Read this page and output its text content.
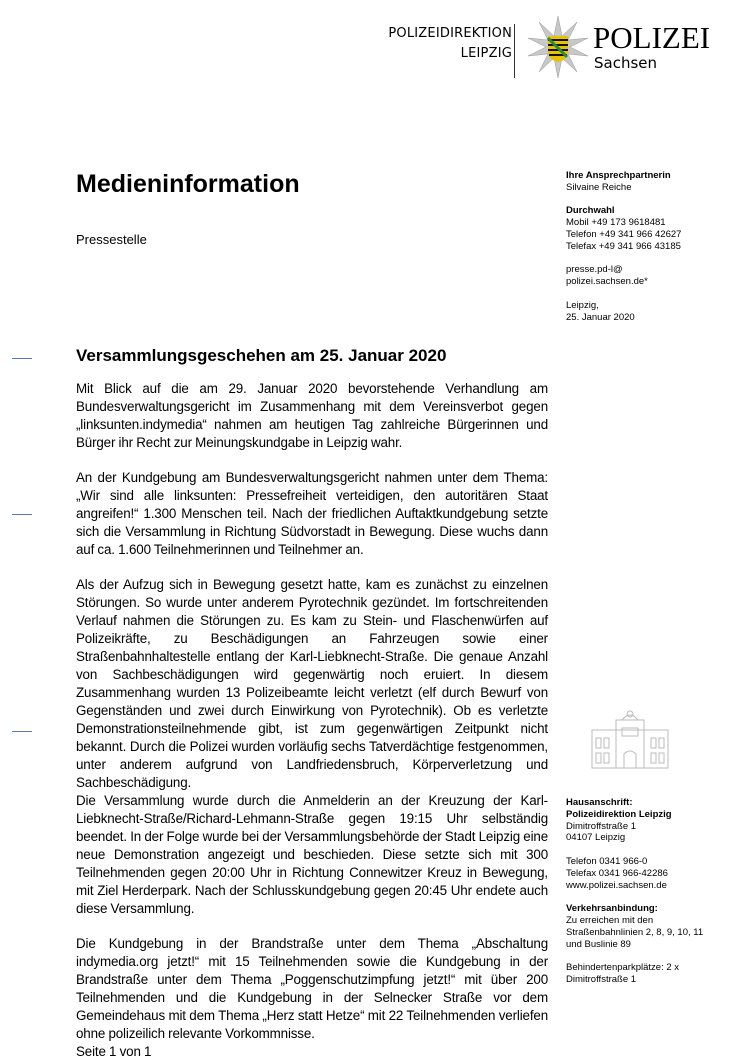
POLIZEIDIREKTION
LEIPZIG	POLIZEI
Sachsen
Medieninformation
Pressestelle
Ihre Ansprechpartnerin
Silvaine Reiche
Durchwahl
Mobil +49 173 9618481
Telefon +49 341 966 42627
Telefax +49 341 966 43185
presse.pd-l@
polizei.sachsen.de*
Leipzig,
25. Januar 2020
Hausanschrift:
Polizeidirektion Leipzig
Dimitroffstraße 1
04107 Leipzig
Telefon 0341 966-0
Telefax 0341 966-42286
www.polizei.sachsen.de
Verkehrsanbindung:
Zu erreichen mit den
Straßenbahnlinien 2, 8, 9, 10, 11
und Buslinie 89
Behindertenparkplätze: 2 x
Dimitroffstraße 1
Versammlungsgeschehen am 25. Januar 2020

Mit Blick auf die am 29. Januar 2020 bevorstehende Verhandlung am Bundesverwaltungsgericht im Zusammenhang mit dem Vereinsverbot gegen „linksunten.indymedia“ nahmen am heutigen Tag zahlreiche Bürgerinnen und Bürger ihr Recht zur Meinungskundgabe in Leipzig wahr.

An der Kundgebung am Bundesverwaltungsgericht nahmen unter dem Thema: „Wir sind alle linksunten: Pressefreiheit verteidigen, den autoritären Staat angreifen!“ 1.300 Menschen teil. Nach der friedlichen Auftaktkundgebung setzte sich die Versammlung in Richtung Südvorstadt in Bewegung. Diese wuchs dann auf ca. 1.600 Teilnehmerinnen und Teilnehmer an.

Als der Aufzug sich in Bewegung gesetzt hatte, kam es zunächst zu einzelnen Störungen. So wurde unter anderem Pyrotechnik gezündet. Im fortschreitenden Verlauf nahmen die Störungen zu. Es kam zu Stein- und Flaschenwürfen auf Polizeikräfte, zu Beschädigungen an Fahrzeugen sowie einer Straßenbahnhaltestelle entlang der Karl-Liebknecht-Straße. Die genaue Anzahl von Sachbeschädigungen wird gegenwärtig noch eruiert. In diesem Zusammenhang wurden 13 Polizeibeamte leicht verletzt (elf durch Bewurf von Gegenständen und zwei durch Einwirkung von Pyrotechnik). Ob es verletzte Demonstrationsteilnehmende gibt, ist zum gegenwärtigen Zeitpunkt nicht bekannt. Durch die Polizei wurden vorläufig sechs Tatverdächtige festgenommen, unter anderem aufgrund von Landfriedensbruch, Körperverletzung und Sachbeschädigung.

Die Versammlung wurde durch die Anmelderin an der Kreuzung der Karl-Liebknecht-Straße/Richard-Lehmann-Straße gegen 19:15 Uhr selbständig beendet. In der Folge wurde bei der Versammlungsbehörde der Stadt Leipzig eine neue Demonstration angezeigt und beschieden. Diese setzte sich mit 300 Teilnehmenden gegen 20:00 Uhr in Richtung Connewitzer Kreuz in Bewegung, mit Ziel Herderpark. Nach der Schlusskundgebung gegen 20:45 Uhr endete auch diese Versammlung.

Die Kundgebung in der Brandstraße unter dem Thema „Abschaltung indymedia.org jetzt!“ mit 15 Teilnehmenden sowie die Kundgebung in der Brandstraße unter dem Thema „Poggenschutzimpfung jetzt!“ mit über 200 Teilnehmenden und die Kundgebung in der Selnecker Straße vor dem Gemeindehaus mit dem Thema „Herz statt Hetze“ mit 22 Teilnehmenden verliefen ohne polizeilich relevante Vorkommnisse.

Seite 1 von 1
